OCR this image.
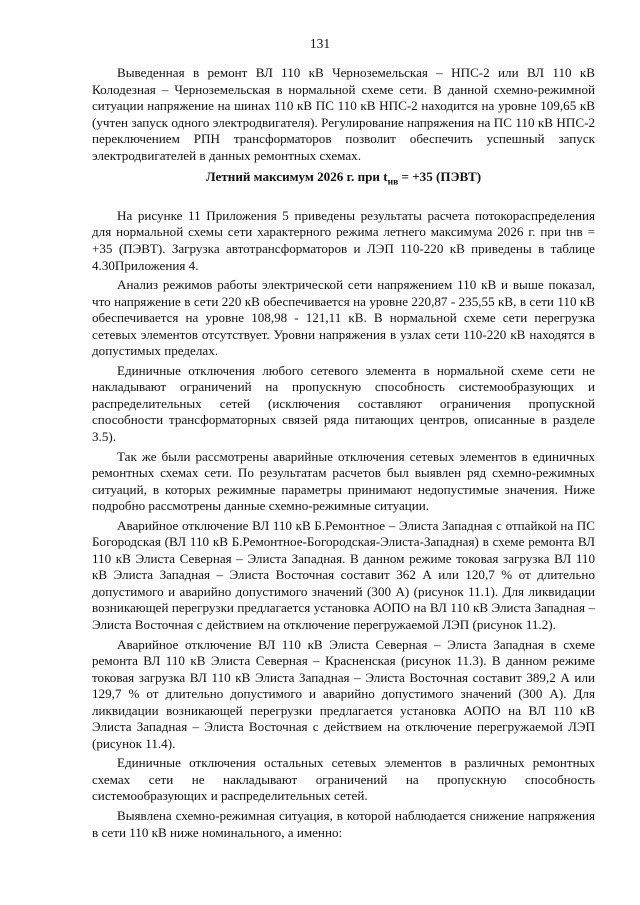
131

Выведенная в ремонт ВЛ 110 кВ Черноземельская – НПС-2 или ВЛ 110 кВ Колодезная – Черноземельская в нормальной схеме сети. В данной схемно-режимной ситуации напряжение на шинах 110 кВ ПС 110 кВ НПС-2 находится на уровне 109,65 кВ (учтен запуск одного электродвигателя). Регулирование напряжения на ПС 110 кВ НПС-2 переключением РПН трансформаторов позволит обеспечить успешный запуск электродвигателей в данных ремонтных схемах.

Летний максимум 2026 г. при $t_{нв} = +35$ (ПЭВТ)

На рисунке 11 Приложения 5 приведены результаты расчета потокораспределения для нормальной схемы сети характерного режима летнего максимума 2026 г. при tнв = +35 (ПЭВТ). Загрузка автотрансформаторов и ЛЭП 110-220 кВ приведены в таблице 4.30Приложения 4.

Анализ режимов работы электрической сети напряжением 110 кВ и выше показал, что напряжение в сети 220 кВ обеспечивается на уровне 220,87 - 235,55 кВ, в сети 110 кВ обеспечивается на уровне 108,98 - 121,11 кВ. В нормальной схеме сети перегрузка сетевых элементов отсутствует. Уровни напряжения в узлах сети 110-220 кВ находятся в допустимых пределах.

Единичные отключения любого сетевого элемента в нормальной схеме сети не накладывают ограничений на пропускную способность системообразующих и распределительных сетей (исключения составляют ограничения пропускной способности трансформаторных связей ряда питающих центров, описанные в разделе 3.5).

Так же были рассмотрены аварийные отключения сетевых элементов в единичных ремонтных схемах сети. По результатам расчетов был выявлен ряд схемно-режимных ситуаций, в которых режимные параметры принимают недопустимые значения. Ниже подробно рассмотрены данные схемно-режимные ситуации.

Аварийное отключение ВЛ 110 кВ Б.Ремонтное – Элиста Западная с отпайкой на ПС Богородская (ВЛ 110 кВ Б.Ремонтное-Богородская-Элиста-Западная) в схеме ремонта ВЛ 110 кВ Элиста Северная – Элиста Западная. В данном режиме токовая загрузка ВЛ 110 кВ Элиста Западная – Элиста Восточная составит 362 А или 120,7 % от длительно допустимого и аварийно допустимого значений (300 А) (рисунок 11.1). Для ликвидации возникающей перегрузки предлагается установка АОПО на ВЛ 110 кВ Элиста Западная – Элиста Восточная с действием на отключение перегружаемой ЛЭП (рисунок 11.2).

Аварийное отключение ВЛ 110 кВ Элиста Северная – Элиста Западная в схеме ремонта ВЛ 110 кВ Элиста Северная – Красненская (рисунок 11.3). В данном режиме токовая загрузка ВЛ 110 кВ Элиста Западная – Элиста Восточная составит 389,2 А или 129,7 % от длительно допустимого и аварийно допустимого значений (300 А). Для ликвидации возникающей перегрузки предлагается установка АОПО на ВЛ 110 кВ Элиста Западная – Элиста Восточная с действием на отключение перегружаемой ЛЭП (рисунок 11.4).

Единичные отключения остальных сетевых элементов в различных ремонтных схемах сети не накладывают ограничений на пропускную способность системообразующих и распределительных сетей.

Выявлена схемно-режимная ситуация, в которой наблюдается снижение напряжения в сети 110 кВ ниже номинального, а именно:
